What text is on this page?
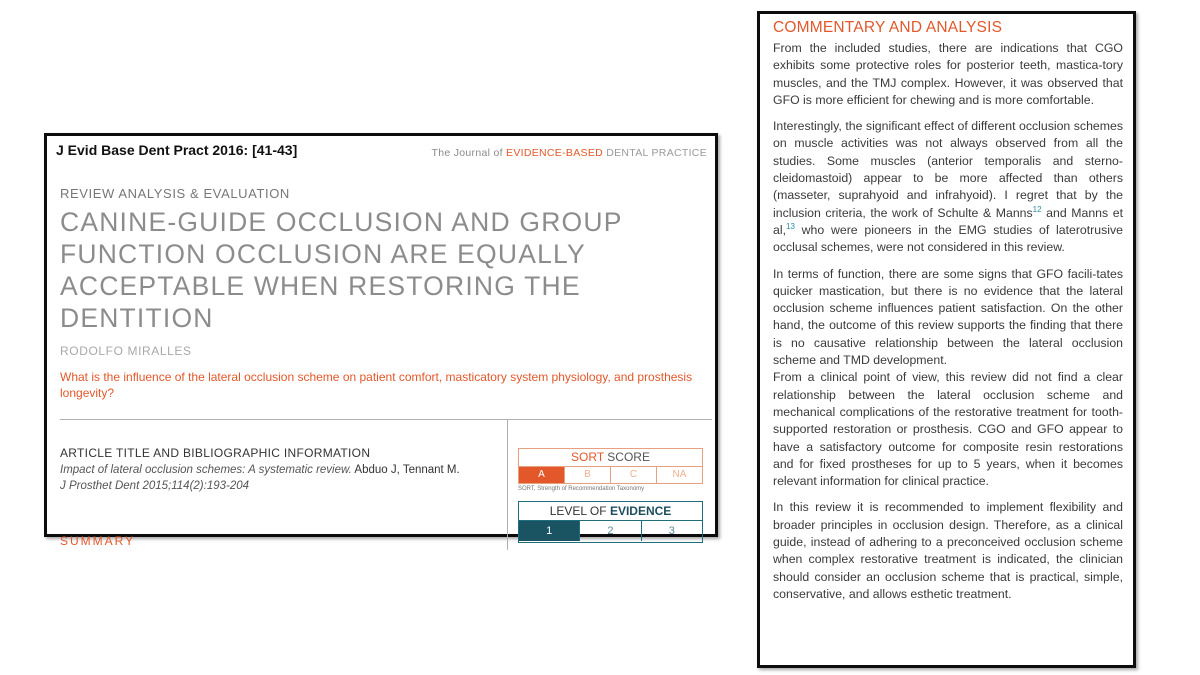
J Evid Base Dent Pract 2016: [41-43]	The Journal of EVIDENCE-BASED DENTAL PRACTICE
REVIEW ANALYSIS & EVALUATION
CANINE-GUIDE OCCLUSION AND GROUP FUNCTION OCCLUSION ARE EQUALLY ACCEPTABLE WHEN RESTORING THE DENTITION
RODOLFO MIRALLES
What is the influence of the lateral occlusion scheme on patient comfort, masticatory system physiology, and prosthesis longevity?
ARTICLE TITLE AND BIBLIOGRAPHIC INFORMATION
Impact of lateral occlusion schemes: A systematic review. Abduo J, Tennant M.
J Prosthet Dent 2015;114(2):193-204
SORT SCORE
A	B	C	NA
SORT, Strength of Recommendation Taxonomy
LEVEL OF EVIDENCE
1	2	3
SUMMARY
COMMENTARY AND ANALYSIS

From the included studies, there are indications that CGO exhibits some protective roles for posterior teeth, mastica-tory muscles, and the TMJ complex. However, it was observed that GFO is more efficient for chewing and is more comfortable.

Interestingly, the significant effect of different occlusion schemes on muscle activities was not always observed from all the studies. Some muscles (anterior temporalis and sterno-cleidomastoid) appear to be more affected than others (masseter, suprahyoid and infrahyoid). I regret that by the inclusion criteria, the work of Schulte & Manns$^{12}$ and Manns et al,$^{13}$ who were pioneers in the EMG studies of laterotrusive occlusal schemes, were not considered in this review.

In terms of function, there are some signs that GFO facili-tates quicker mastication, but there is no evidence that the lateral occlusion scheme influences patient satisfaction. On the other hand, the outcome of this review supports the finding that there is no causative relationship between the lateral occlusion scheme and TMD development.

From a clinical point of view, this review did not find a clear relationship between the lateral occlusion scheme and mechanical complications of the restorative treatment for tooth-supported restoration or prosthesis. CGO and GFO appear to have a satisfactory outcome for composite resin restorations and for fixed prostheses for up to 5 years, when it becomes relevant information for clinical practice.

In this review it is recommended to implement flexibility and broader principles in occlusion design. Therefore, as a clinical guide, instead of adhering to a preconceived occlusion scheme when complex restorative treatment is indicated, the clinician should consider an occlusion scheme that is practical, simple, conservative, and allows esthetic treatment.
